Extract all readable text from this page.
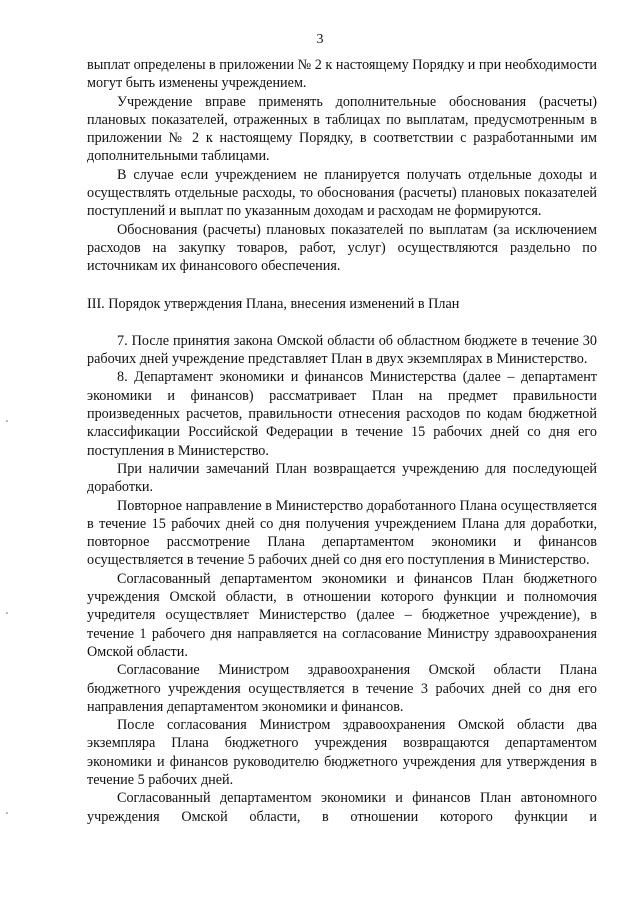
3

выплат определены в приложении № 2 к настоящему Порядку и при необходимости могут быть изменены учреждением.

Учреждение вправе применять дополнительные обоснования (расчеты) плановых показателей, отраженных в таблицах по выплатам, предусмотренным в приложении № 2 к настоящему Порядку, в соответствии с разработанными им дополнительными таблицами.

В случае если учреждением не планируется получать отдельные доходы и осуществлять отдельные расходы, то обоснования (расчеты) плановых показателей поступлений и выплат по указанным доходам и расходам не формируются.

Обоснования (расчеты) плановых показателей по выплатам (за исключением расходов на закупку товаров, работ, услуг) осуществляются раздельно по источникам их финансового обеспечения.

III. Порядок утверждения Плана, внесения изменений в План

7. После принятия закона Омской области об областном бюджете в течение 30 рабочих дней учреждение представляет План в двух экземплярах в Министерство.

8. Департамент экономики и финансов Министерства (далее – департамент экономики и финансов) рассматривает План на предмет правильности произведенных расчетов, правильности отнесения расходов по кодам бюджетной классификации Российской Федерации в течение 15 рабочих дней со дня его поступления в Министерство.

При наличии замечаний План возвращается учреждению для последующей доработки.

Повторное направление в Министерство доработанного Плана осуществляется в течение 15 рабочих дней со дня получения учреждением Плана для доработки, повторное рассмотрение Плана департаментом экономики и финансов осуществляется в течение 5 рабочих дней со дня его поступления в Министерство.

Согласованный департаментом экономики и финансов План бюджетного учреждения Омской области, в отношении которого функции и полномочия учредителя осуществляет Министерство (далее – бюджетное учреждение), в течение 1 рабочего дня направляется на согласование Министру здравоохранения Омской области.

Согласование Министром здравоохранения Омской области Плана бюджетного учреждения осуществляется в течение 3 рабочих дней со дня его направления департаментом экономики и финансов.

После согласования Министром здравоохранения Омской области два экземпляра Плана бюджетного учреждения возвращаются департаментом экономики и финансов руководителю бюджетного учреждения для утверждения в течение 5 рабочих дней.

Согласованный департаментом экономики и финансов План автономного учреждения Омской области, в отношении которого функции и
